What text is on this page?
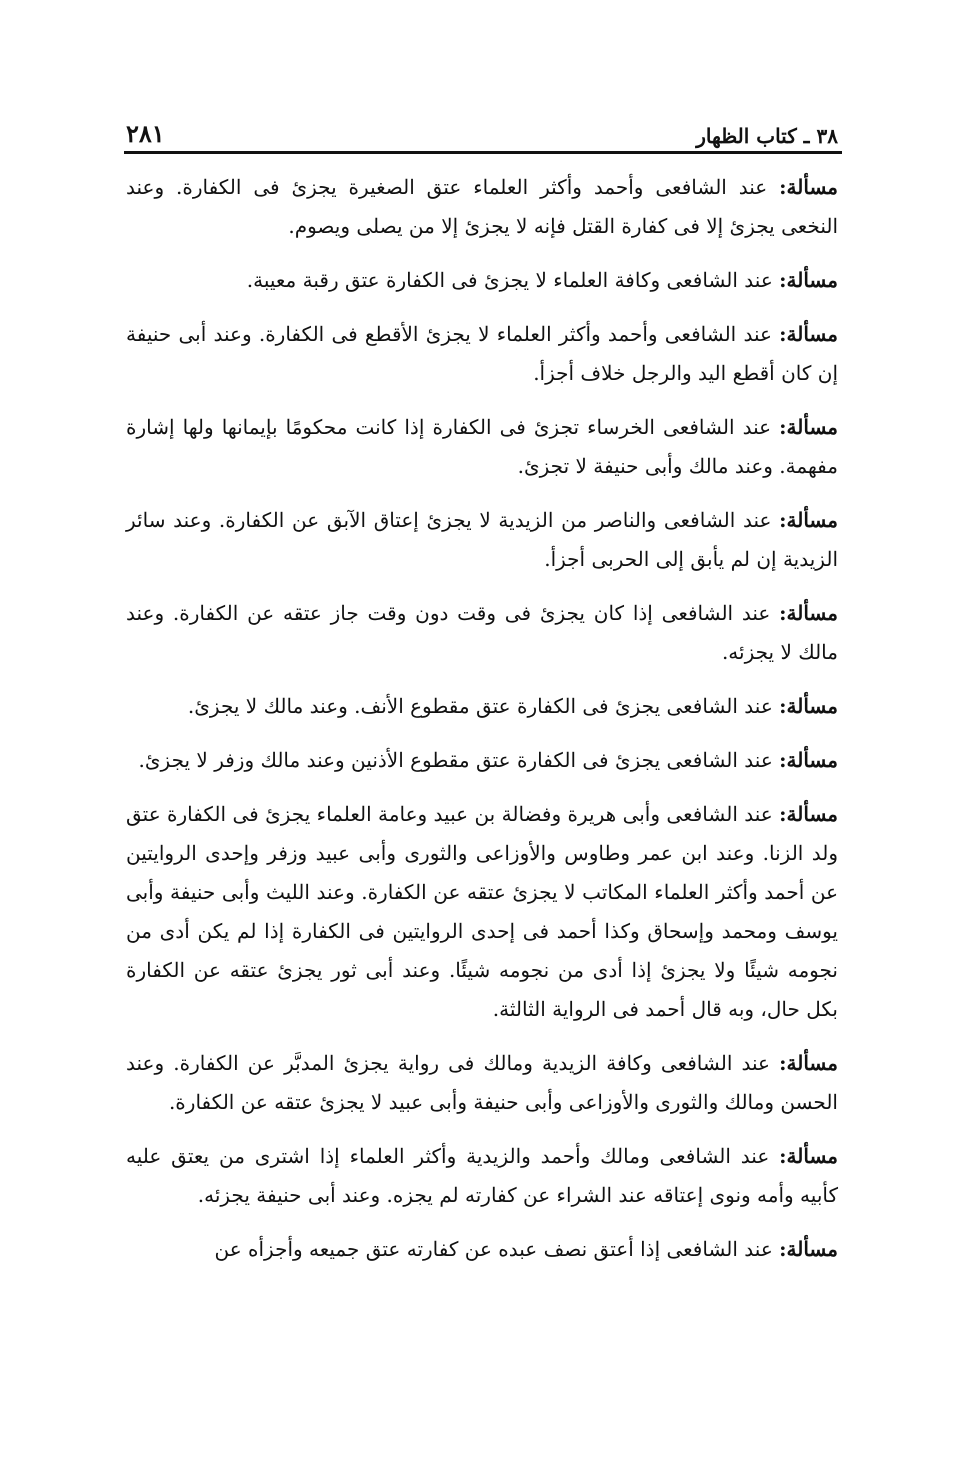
٣٨ ـ كتاب الظهار
٢٨١

مسألة: عند الشافعى وأحمد وأكثر العلماء عتق الصغيرة يجزئ فى الكفارة. وعند النخعى يجزئ إلا فى كفارة القتل فإنه لا يجزئ إلا من يصلى ويصوم.

مسألة: عند الشافعى وكافة العلماء لا يجزئ فى الكفارة عتق رقبة معيبة.

مسألة: عند الشافعى وأحمد وأكثر العلماء لا يجزئ الأقطع فى الكفارة. وعند أبى حنيفة إن كان أقطع اليد والرجل خلاف أجزأ.

مسألة: عند الشافعى الخرساء تجزئ فى الكفارة إذا كانت محكومًا بإيمانها ولها إشارة مفهمة. وعند مالك وأبى حنيفة لا تجزئ.

مسألة: عند الشافعى والناصر من الزيدية لا يجزئ إعتاق الآبق عن الكفارة. وعند سائر الزيدية إن لم يأبق إلى الحربى أجزأ.

مسألة: عند الشافعى إذا كان يجزئ فى وقت دون وقت جاز عتقه عن الكفارة. وعند مالك لا يجزئه.

مسألة: عند الشافعى يجزئ فى الكفارة عتق مقطوع الأنف. وعند مالك لا يجزئ.

مسألة: عند الشافعى يجزئ فى الكفارة عتق مقطوع الأذنين وعند مالك وزفر لا يجزئ.

مسألة: عند الشافعى وأبى هريرة وفضالة بن عبيد وعامة العلماء يجزئ فى الكفارة عتق ولد الزنا. وعند ابن عمر وطاوس والأوزاعى والثورى وأبى عبيد وزفر وإحدى الروايتين عن أحمد وأكثر العلماء المكاتب لا يجزئ عتقه عن الكفارة. وعند الليث وأبى حنيفة وأبى يوسف ومحمد وإسحاق وكذا أحمد فى إحدى الروايتين فى الكفارة إذا لم يكن أدى من نجومه شيئًا ولا يجزئ إذا أدى من نجومه شيئًا. وعند أبى ثور يجزئ عتقه عن الكفارة بكل حال، وبه قال أحمد فى الرواية الثالثة.

مسألة: عند الشافعى وكافة الزيدية ومالك فى رواية يجزئ المدبَّر عن الكفارة. وعند الحسن ومالك والثورى والأوزاعى وأبى حنيفة وأبى عبيد لا يجزئ عتقه عن الكفارة.

مسألة: عند الشافعى ومالك وأحمد والزيدية وأكثر العلماء إذا اشترى من يعتق عليه كأبيه وأمه ونوى إعتاقه عند الشراء عن كفارته لم يجزه. وعند أبى حنيفة يجزئه.

مسألة: عند الشافعى إذا أعتق نصف عبده عن كفارته عتق جميعه وأجزأه عن
